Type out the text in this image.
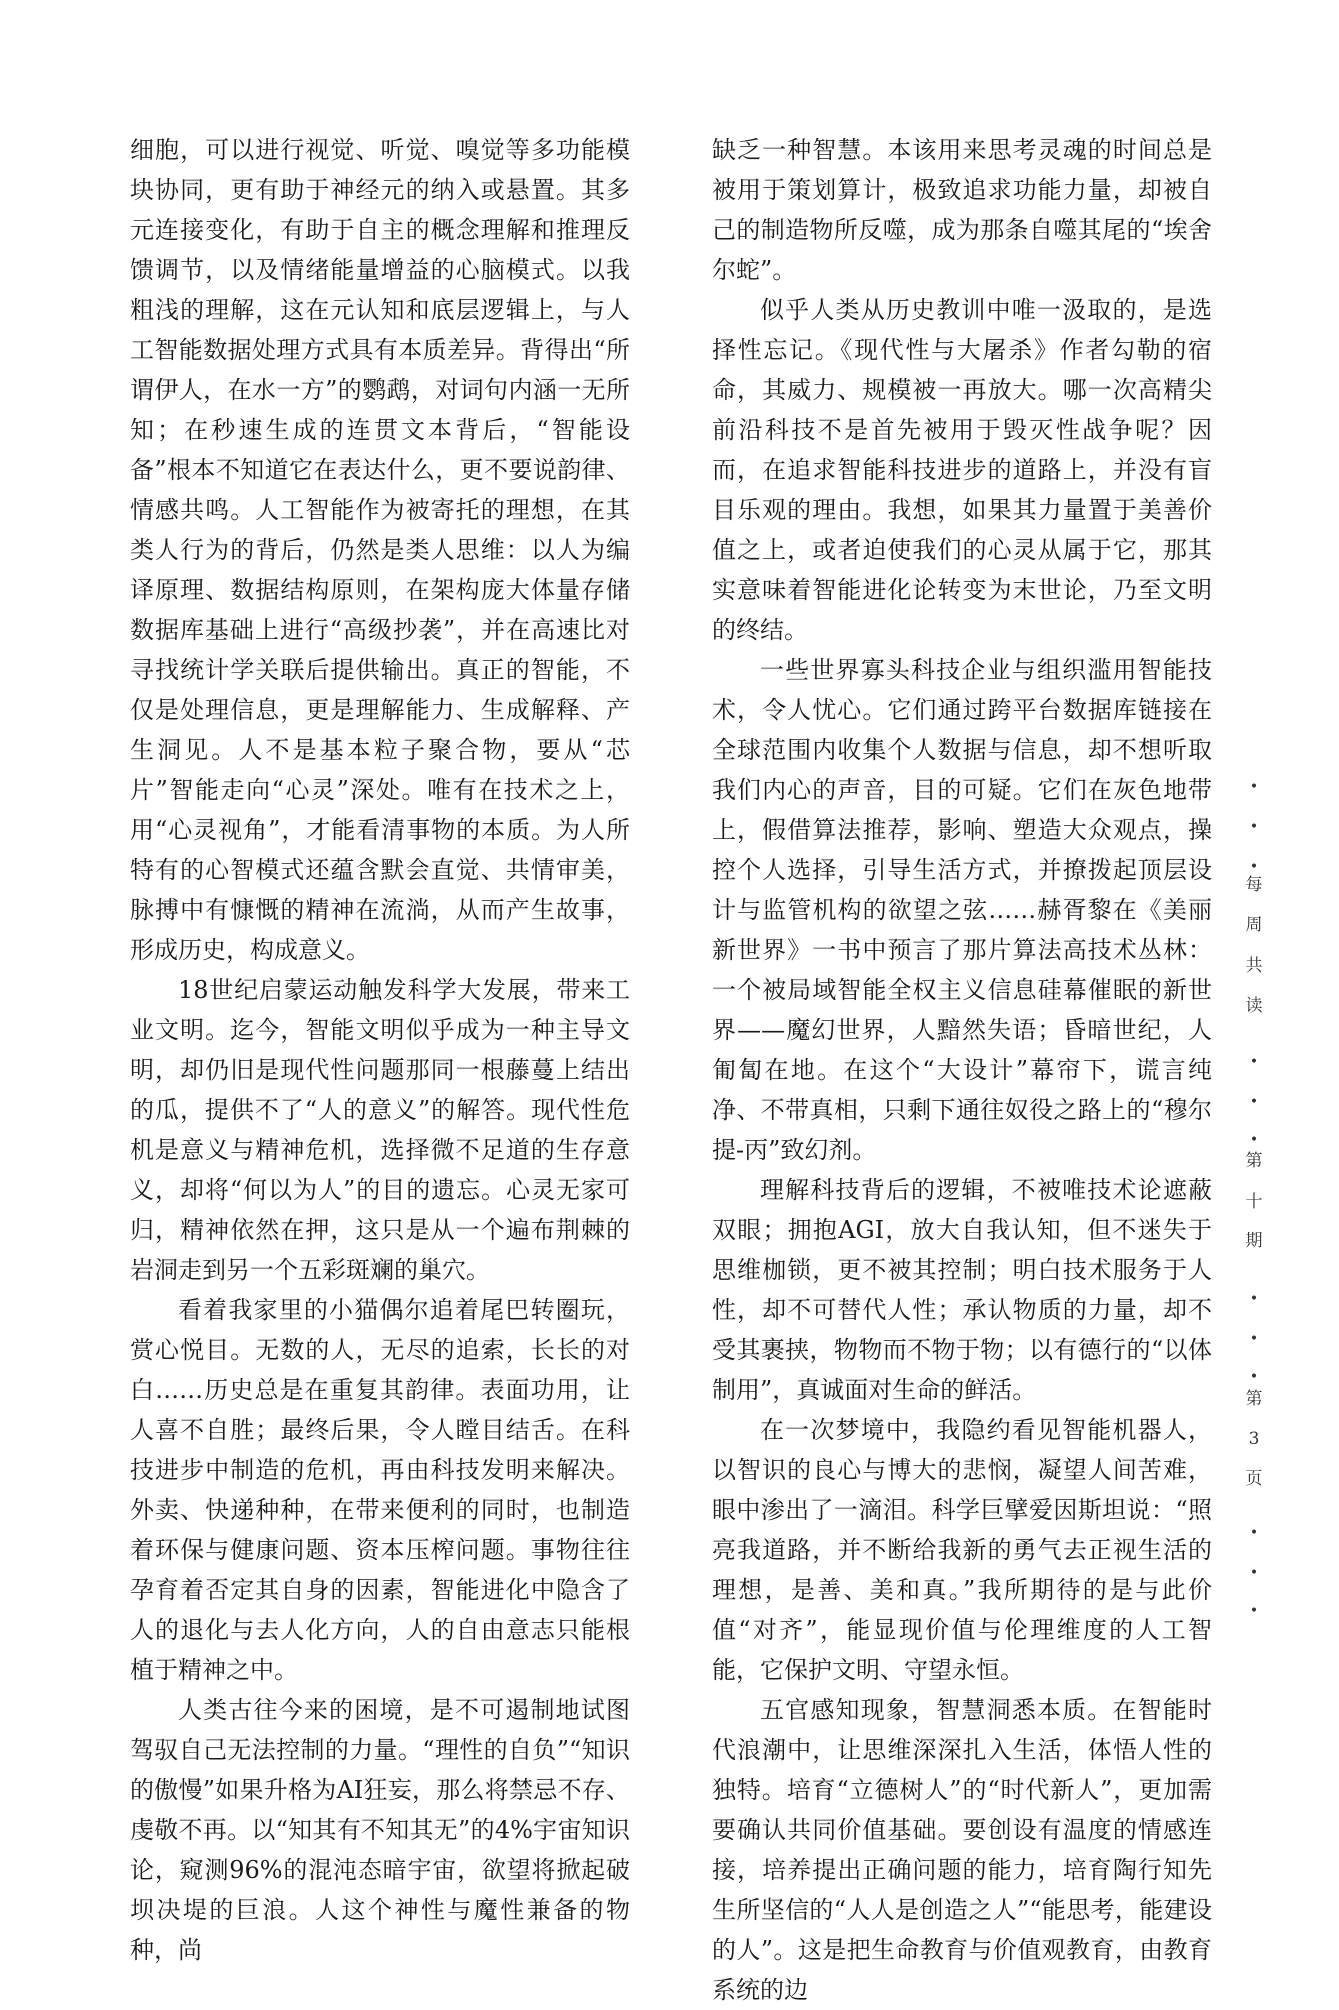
细胞，可以进行视觉、听觉、嗅觉等多功能模块协同，更有助于神经元的纳入或悬置。其多元连接变化，有助于自主的概念理解和推理反馈调节，以及情绪能量增益的心脑模式。以我粗浅的理解，这在元认知和底层逻辑上，与人工智能数据处理方式具有本质差异。背得出“所谓伊人，在水一方”的鹦鹉，对词句内涵一无所知；在秒速生成的连贯文本背后，“智能设备”根本不知道它在表达什么，更不要说韵律、情感共鸣。人工智能作为被寄托的理想，在其类人行为的背后，仍然是类人思维：以人为编译原理、数据结构原则，在架构庞大体量存储数据库基础上进行“高级抄袭”，并在高速比对寻找统计学关联后提供输出。真正的智能，不仅是处理信息，更是理解能力、生成解释、产生洞见。人不是基本粒子聚合物，要从“芯片”智能走向“心灵”深处。唯有在技术之上，用“心灵视角”，才能看清事物的本质。为人所特有的心智模式还蕴含默会直觉、共情审美，脉搏中有慷慨的精神在流淌，从而产生故事，形成历史，构成意义。

18世纪启蒙运动触发科学大发展，带来工业文明。迄今，智能文明似乎成为一种主导文明，却仍旧是现代性问题那同一根藤蔓上结出的瓜，提供不了“人的意义”的解答。现代性危机是意义与精神危机，选择微不足道的生存意义，却将“何以为人”的目的遗忘。心灵无家可归，精神依然在押，这只是从一个遍布荆棘的岩洞走到另一个五彩斑斓的巢穴。

看着我家里的小猫偶尔追着尾巴转圈玩，赏心悦目。无数的人，无尽的追索，长长的对白……历史总是在重复其韵律。表面功用，让人喜不自胜；最终后果，令人瞠目结舌。在科技进步中制造的危机，再由科技发明来解决。外卖、快递种种，在带来便利的同时，也制造着环保与健康问题、资本压榨问题。事物往往孕育着否定其自身的因素，智能进化中隐含了人的退化与去人化方向，人的自由意志只能根植于精神之中。

人类古往今来的困境，是不可遏制地试图驾驭自己无法控制的力量。“理性的自负”“知识的傲慢”如果升格为AI狂妄，那么将禁忌不存、虔敬不再。以“知其有不知其无”的4%宇宙知识论，窥测96%的混沌态暗宇宙，欲望将掀起破坝决堤的巨浪。人这个神性与魔性兼备的物种，尚

缺乏一种智慧。本该用来思考灵魂的时间总是被用于策划算计，极致追求功能力量，却被自己的制造物所反噬，成为那条自噬其尾的“埃舍尔蛇”。

似乎人类从历史教训中唯一汲取的，是选择性忘记。《现代性与大屠杀》作者勾勒的宿命，其威力、规模被一再放大。哪一次高精尖前沿科技不是首先被用于毁灭性战争呢？因而，在追求智能科技进步的道路上，并没有盲目乐观的理由。我想，如果其力量置于美善价值之上，或者迫使我们的心灵从属于它，那其实意味着智能进化论转变为末世论，乃至文明的终结。

一些世界寡头科技企业与组织滥用智能技术，令人忧心。它们通过跨平台数据库链接在全球范围内收集个人数据与信息，却不想听取我们内心的声音，目的可疑。它们在灰色地带上，假借算法推荐，影响、塑造大众观点，操控个人选择，引导生活方式，并撩拨起顶层设计与监管机构的欲望之弦……赫胥黎在《美丽新世界》一书中预言了那片算法高技术丛林：一个被局域智能全权主义信息硅幕催眠的新世界——魔幻世界，人黯然失语；昏暗世纪，人匍匐在地。在这个“大设计”幕帘下，谎言纯净、不带真相，只剩下通往奴役之路上的“穆尔提-丙”致幻剂。

理解科技背后的逻辑，不被唯技术论遮蔽双眼；拥抱AGI，放大自我认知，但不迷失于思维枷锁，更不被其控制；明白技术服务于人性，却不可替代人性；承认物质的力量，却不受其裹挟，物物而不物于物；以有德行的“以体制用”，真诚面对生命的鲜活。

在一次梦境中，我隐约看见智能机器人，以智识的良心与博大的悲悯，凝望人间苦难，眼中渗出了一滴泪。科学巨擘爱因斯坦说：“照亮我道路，并不断给我新的勇气去正视生活的理想，是善、美和真。”我所期待的是与此价值“对齐”，能显现价值与伦理维度的人工智能，它保护文明、守望永恒。

五官感知现象，智慧洞悉本质。在智能时代浪潮中，让思维深深扎入生活，体悟人性的独特。培育“立德树人”的“时代新人”，更加需要确认共同价值基础。要创设有温度的情感连接，培养提出正确问题的能力，培育陶行知先生所坚信的“人人是创造之人”“能思考，能建设的人”。这是把生命教育与价值观教育，由教育系统的边

•
•
•
每
周
共
读
•
•
•
第
十
期
•
•
•
第
3
页
•
•
•
